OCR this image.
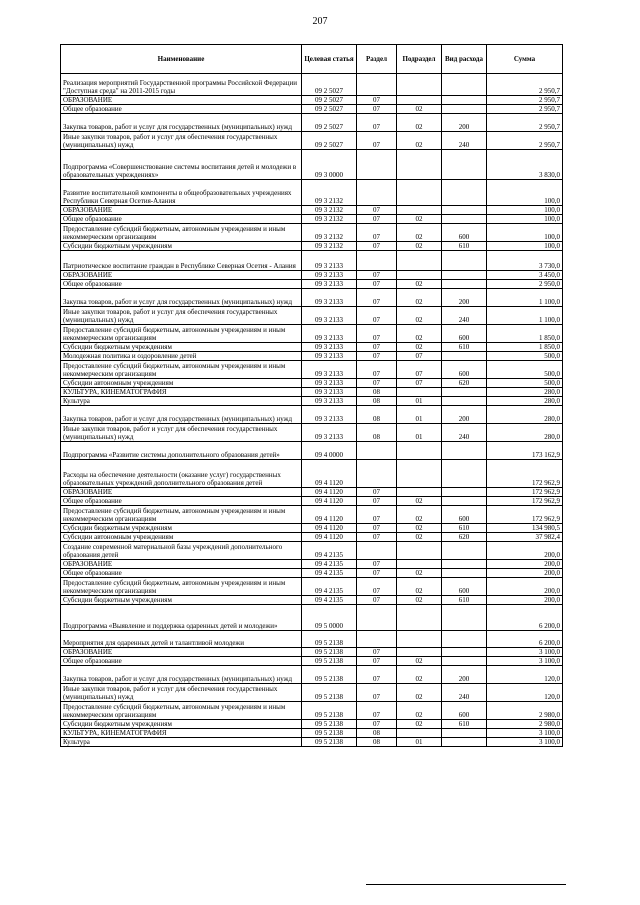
207
Наименование	Целевая статья	Раздел	Подраздел	Вид расхода	Сумма
Реализация мероприятий Государственной программы Российской Федерации "Доступная среда" на 2011-2015 годы	09 2 5027				2 950,7
ОБРАЗОВАНИЕ	09 2 5027	07			2 950,7
Общее образование	09 2 5027	07	02		2 950,7
Закупка товаров, работ и услуг для государственных (муниципальных) нужд	09 2 5027	07	02	200	2 950,7
Иные закупки товаров, работ и услуг для обеспечения государственных (муниципальных) нужд	09 2 5027	07	02	240	2 950,7
Подпрограмма «Совершенствование системы воспитания детей и молодежи в образовательных учреждениях»	09 3 0000				3 830,0
Развитие воспитательной компоненты в общеобразовательных учреждениях Республики Северная Осетия-Алания	09 3 2132				100,0
ОБРАЗОВАНИЕ	09 3 2132	07			100,0
Общее образование	09 3 2132	07	02		100,0
Предоставление субсидий бюджетным, автономным учреждениям и иным некоммерческим организациям	09 3 2132	07	02	600	100,0
Субсидии бюджетным учреждениям	09 3 2132	07	02	610	100,0
Патриотическое воспитание граждан в Республике Северная Осетия - Алания	09 3 2133				3 730,0
ОБРАЗОВАНИЕ	09 3 2133	07			3 450,0
Общее образование	09 3 2133	07	02		2 950,0
Закупка товаров, работ и услуг для государственных (муниципальных) нужд	09 3 2133	07	02	200	1 100,0
Иные закупки товаров, работ и услуг для обеспечения государственных (муниципальных) нужд	09 3 2133	07	02	240	1 100,0
Предоставление субсидий бюджетным, автономным учреждениям и иным некоммерческим организациям	09 3 2133	07	02	600	1 850,0
Субсидии бюджетным учреждениям	09 3 2133	07	02	610	1 850,0
Молодежная политика и оздоровление детей	09 3 2133	07	07		500,0
Предоставление субсидий бюджетным, автономным учреждениям и иным некоммерческим организациям	09 3 2133	07	07	600	500,0
Субсидии автономным учреждениям	09 3 2133	07	07	620	500,0
КУЛЬТУРА, КИНЕМАТОГРАФИЯ	09 3 2133	08			280,0
Культура	09 3 2133	08	01		280,0
Закупка товаров, работ и услуг для государственных (муниципальных) нужд	09 3 2133	08	01	200	280,0
Иные закупки товаров, работ и услуг для обеспечения государственных (муниципальных) нужд	09 3 2133	08	01	240	280,0
Подпрограмма «Развитие системы дополнительного образования детей»	09 4 0000				173 162,9
Расходы на обеспечение деятельности (оказание услуг) государственных образовательных учреждений дополнительного образования детей	09 4 1120				172 962,9
ОБРАЗОВАНИЕ	09 4 1120	07			172 962,9
Общее образование	09 4 1120	07	02		172 962,9
Предоставление субсидий бюджетным, автономным учреждениям и иным некоммерческим организациям	09 4 1120	07	02	600	172 962,9
Субсидии бюджетным учреждениям	09 4 1120	07	02	610	134 980,5
Субсидии автономным учреждениям	09 4 1120	07	02	620	37 982,4
Создание современной материальной базы учреждений дополнительного образования детей	09 4 2135				200,0
ОБРАЗОВАНИЕ	09 4 2135	07			200,0
Общее образование	09 4 2135	07	02		200,0
Предоставление субсидий бюджетным, автономным учреждениям и иным некоммерческим организациям	09 4 2135	07	02	600	200,0
Субсидии бюджетным учреждениям	09 4 2135	07	02	610	200,0
Подпрограмма «Выявление и поддержка одаренных детей и молодежи»	09 5 0000				6 200,0
Мероприятия для одаренных детей и талантливой молодежи	09 5 2138				6 200,0
ОБРАЗОВАНИЕ	09 5 2138	07			3 100,0
Общее образование	09 5 2138	07	02		3 100,0
Закупка товаров, работ и услуг для государственных (муниципальных) нужд	09 5 2138	07	02	200	120,0
Иные закупки товаров, работ и услуг для обеспечения государственных (муниципальных) нужд	09 5 2138	07	02	240	120,0
Предоставление субсидий бюджетным, автономным учреждениям и иным некоммерческим организациям	09 5 2138	07	02	600	2 980,0
Субсидии бюджетным учреждениям	09 5 2138	07	02	610	2 980,0
КУЛЬТУРА, КИНЕМАТОГРАФИЯ	09 5 2138	08			3 100,0
Культура	09 5 2138	08	01		3 100,0
